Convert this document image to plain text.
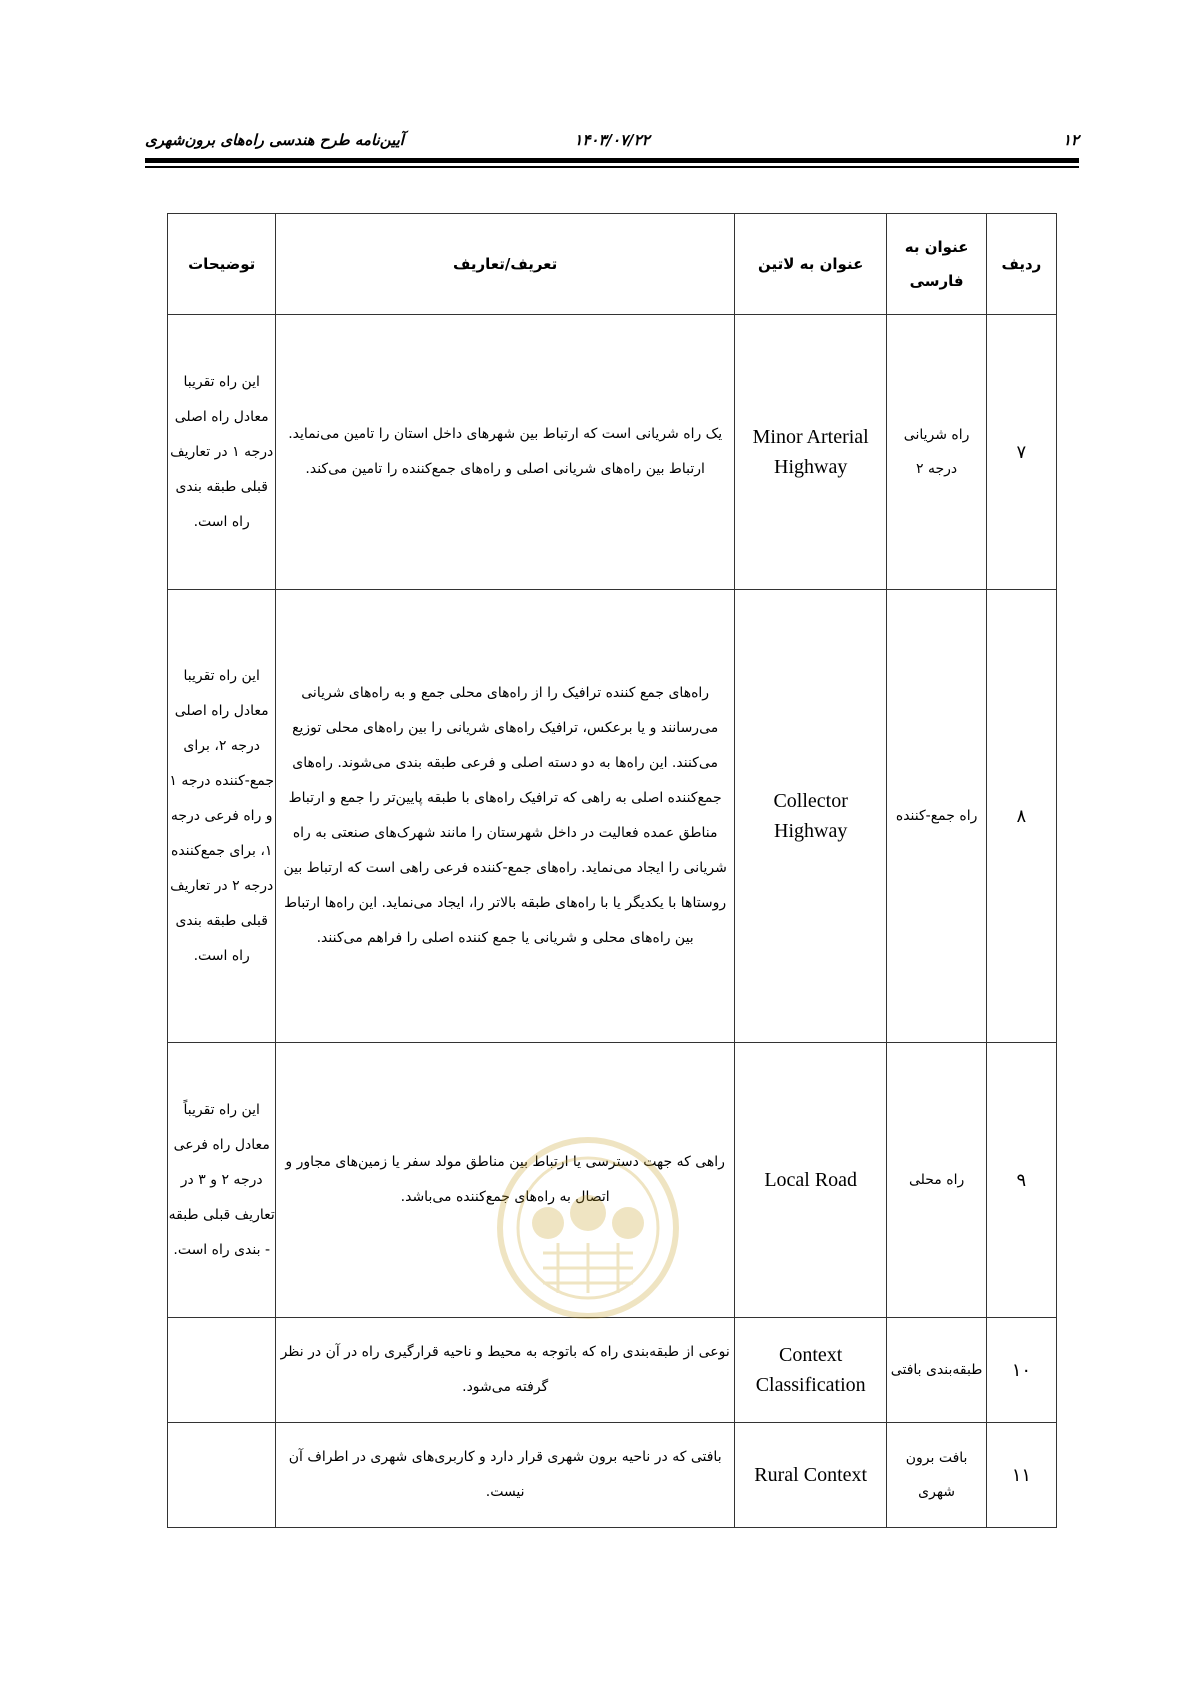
۱۲
۱۴۰۳/۰۷/۲۲
آیین‌نامه طرح هندسی راه‌های برون‌شهری
ردیف	عنوان به فارسی	عنوان به لاتین	تعریف/تعاریف	توضیحات
۷	راه شریانی درجه ۲	Minor Arterial Highway	یک راه شریانی است که ارتباط بین شهرهای داخل استان را تامین می‌نماید. ارتباط بین راه‌های شریانی اصلی و راه‌های جمع‌کننده را تامین می‌کند.	این راه تقریبا معادل راه اصلی درجه ۱ در تعاریف قبلی طبقه بندی راه است.
۸	راه جمع-کننده	Collector Highway	راه‌های جمع کننده ترافیک را از راه‌های محلی جمع و به راه‌های شریانی می‌رسانند و یا برعکس، ترافیک راه‌های شریانی را بین راه‌های محلی توزیع می‌کنند. این راه‌ها به دو دسته اصلی و فرعی طبقه بندی می‌شوند. راه‌های جمع‌کننده اصلی به راهی که ترافیک راه‌های با طبقه پایین‌تر را جمع و ارتباط مناطق عمده فعالیت در داخل شهرستان را مانند شهرک‌های صنعتی به راه شریانی را ایجاد می‌نماید. راه‌های جمع-کننده فرعی راهی است که ارتباط بین روستاها با یکدیگر یا با راه‌های طبقه بالاتر را، ایجاد می‌نماید. این راه‌ها ارتباط بین راه‌های محلی و شریانی یا جمع کننده اصلی را فراهم می‌کنند.	این راه تقریبا معادل راه اصلی درجه ۲، برای جمع-کننده درجه ۱ و راه فرعی درجه ۱، برای جمع‌کننده درجه ۲ در تعاریف قبلی طبقه بندی راه است.
۹	راه محلی	Local Road	راهی که جهت دسترسی یا ارتباط بین مناطق مولد سفر یا زمین‌های مجاور و اتصال به راه‌های جمع‌کننده می‌باشد.	این راه تقریباً معادل راه فرعی درجه ۲ و ۳ در تعاریف قبلی طبقه - بندی راه است.
۱۰	طبقه‌بندی بافتی	Context Classification	نوعی از طبقه‌بندی راه که باتوجه به محیط و ناحیه قرارگیری راه در آن در نظر گرفته می‌شود.	
۱۱	بافت برون شهری	Rural Context	بافتی که در ناحیه برون شهری قرار دارد و کاربری‌های شهری در اطراف آن نیست.	
